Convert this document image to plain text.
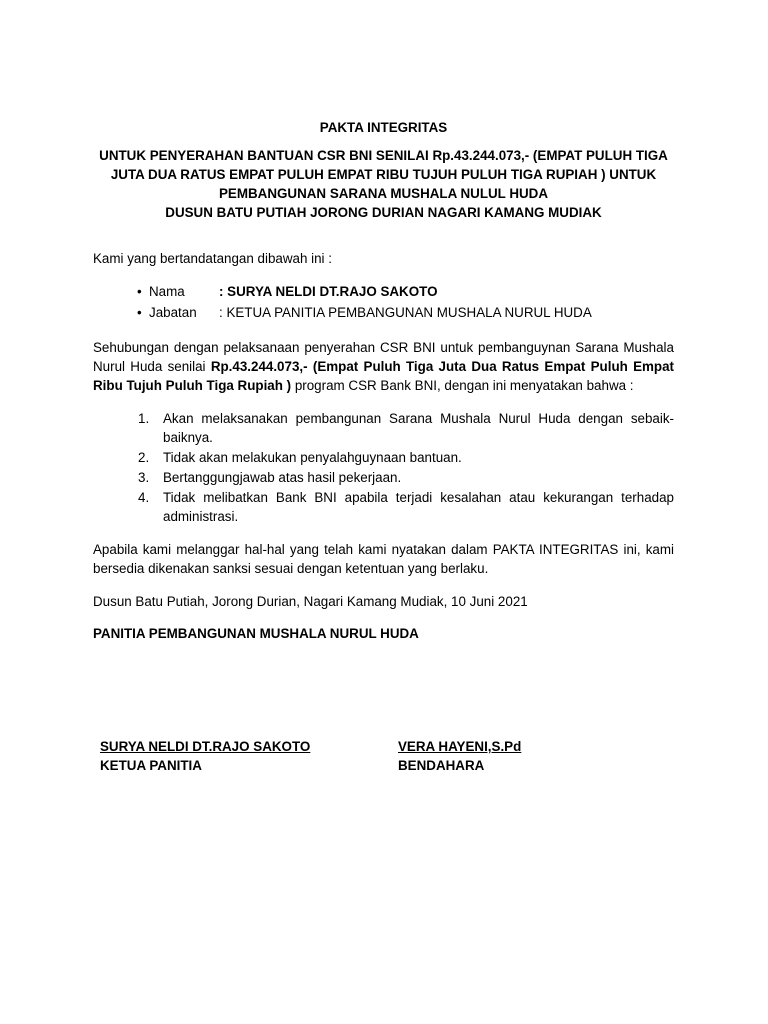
PAKTA INTEGRITAS
UNTUK PENYERAHAN BANTUAN CSR BNI SENILAI Rp.43.244.073,- (EMPAT PULUH TIGA
JUTA DUA RATUS EMPAT PULUH EMPAT RIBU TUJUH PULUH TIGA RUPIAH ) UNTUK
PEMBANGUNAN SARANA MUSHALA NULUL HUDA
DUSUN BATU PUTIAH JORONG DURIAN NAGARI KAMANG MUDIAK

Kami yang bertandatangan dibawah ini :

• Nama	: SURYA NELDI DT.RAJO SAKOTO
• Jabatan : KETUA PANITIA PEMBANGUNAN MUSHALA NURUL HUDA

Sehubungan dengan pelaksanaan penyerahan CSR BNI untuk pembanguynan Sarana Mushala Nurul Huda senilai Rp.43.244.073,- (Empat Puluh Tiga Juta Dua Ratus Empat Puluh Empat Ribu Tujuh Puluh Tiga Rupiah ) program CSR Bank BNI, dengan ini menyatakan bahwa :

1. Akan melaksanakan pembangunan Sarana Mushala Nurul Huda dengan sebaik-baiknya.
2. Tidak akan melakukan penyalahguynaan bantuan.
3. Bertanggungjawab atas hasil pekerjaan.
4. Tidak melibatkan Bank BNI apabila terjadi kesalahan atau kekurangan terhadap administrasi.

Apabila kami melanggar hal-hal yang telah kami nyatakan dalam PAKTA INTEGRITAS ini, kami bersedia dikenakan sanksi sesuai dengan ketentuan yang berlaku.

Dusun Batu Putiah, Jorong Durian, Nagari Kamang Mudiak, 10 Juni 2021

PANITIA PEMBANGUNAN MUSHALA NURUL HUDA

SURYA NELDI DT.RAJO SAKOTO
KETUA PANITIA
VERA HAYENI,S.Pd
BENDAHARA
